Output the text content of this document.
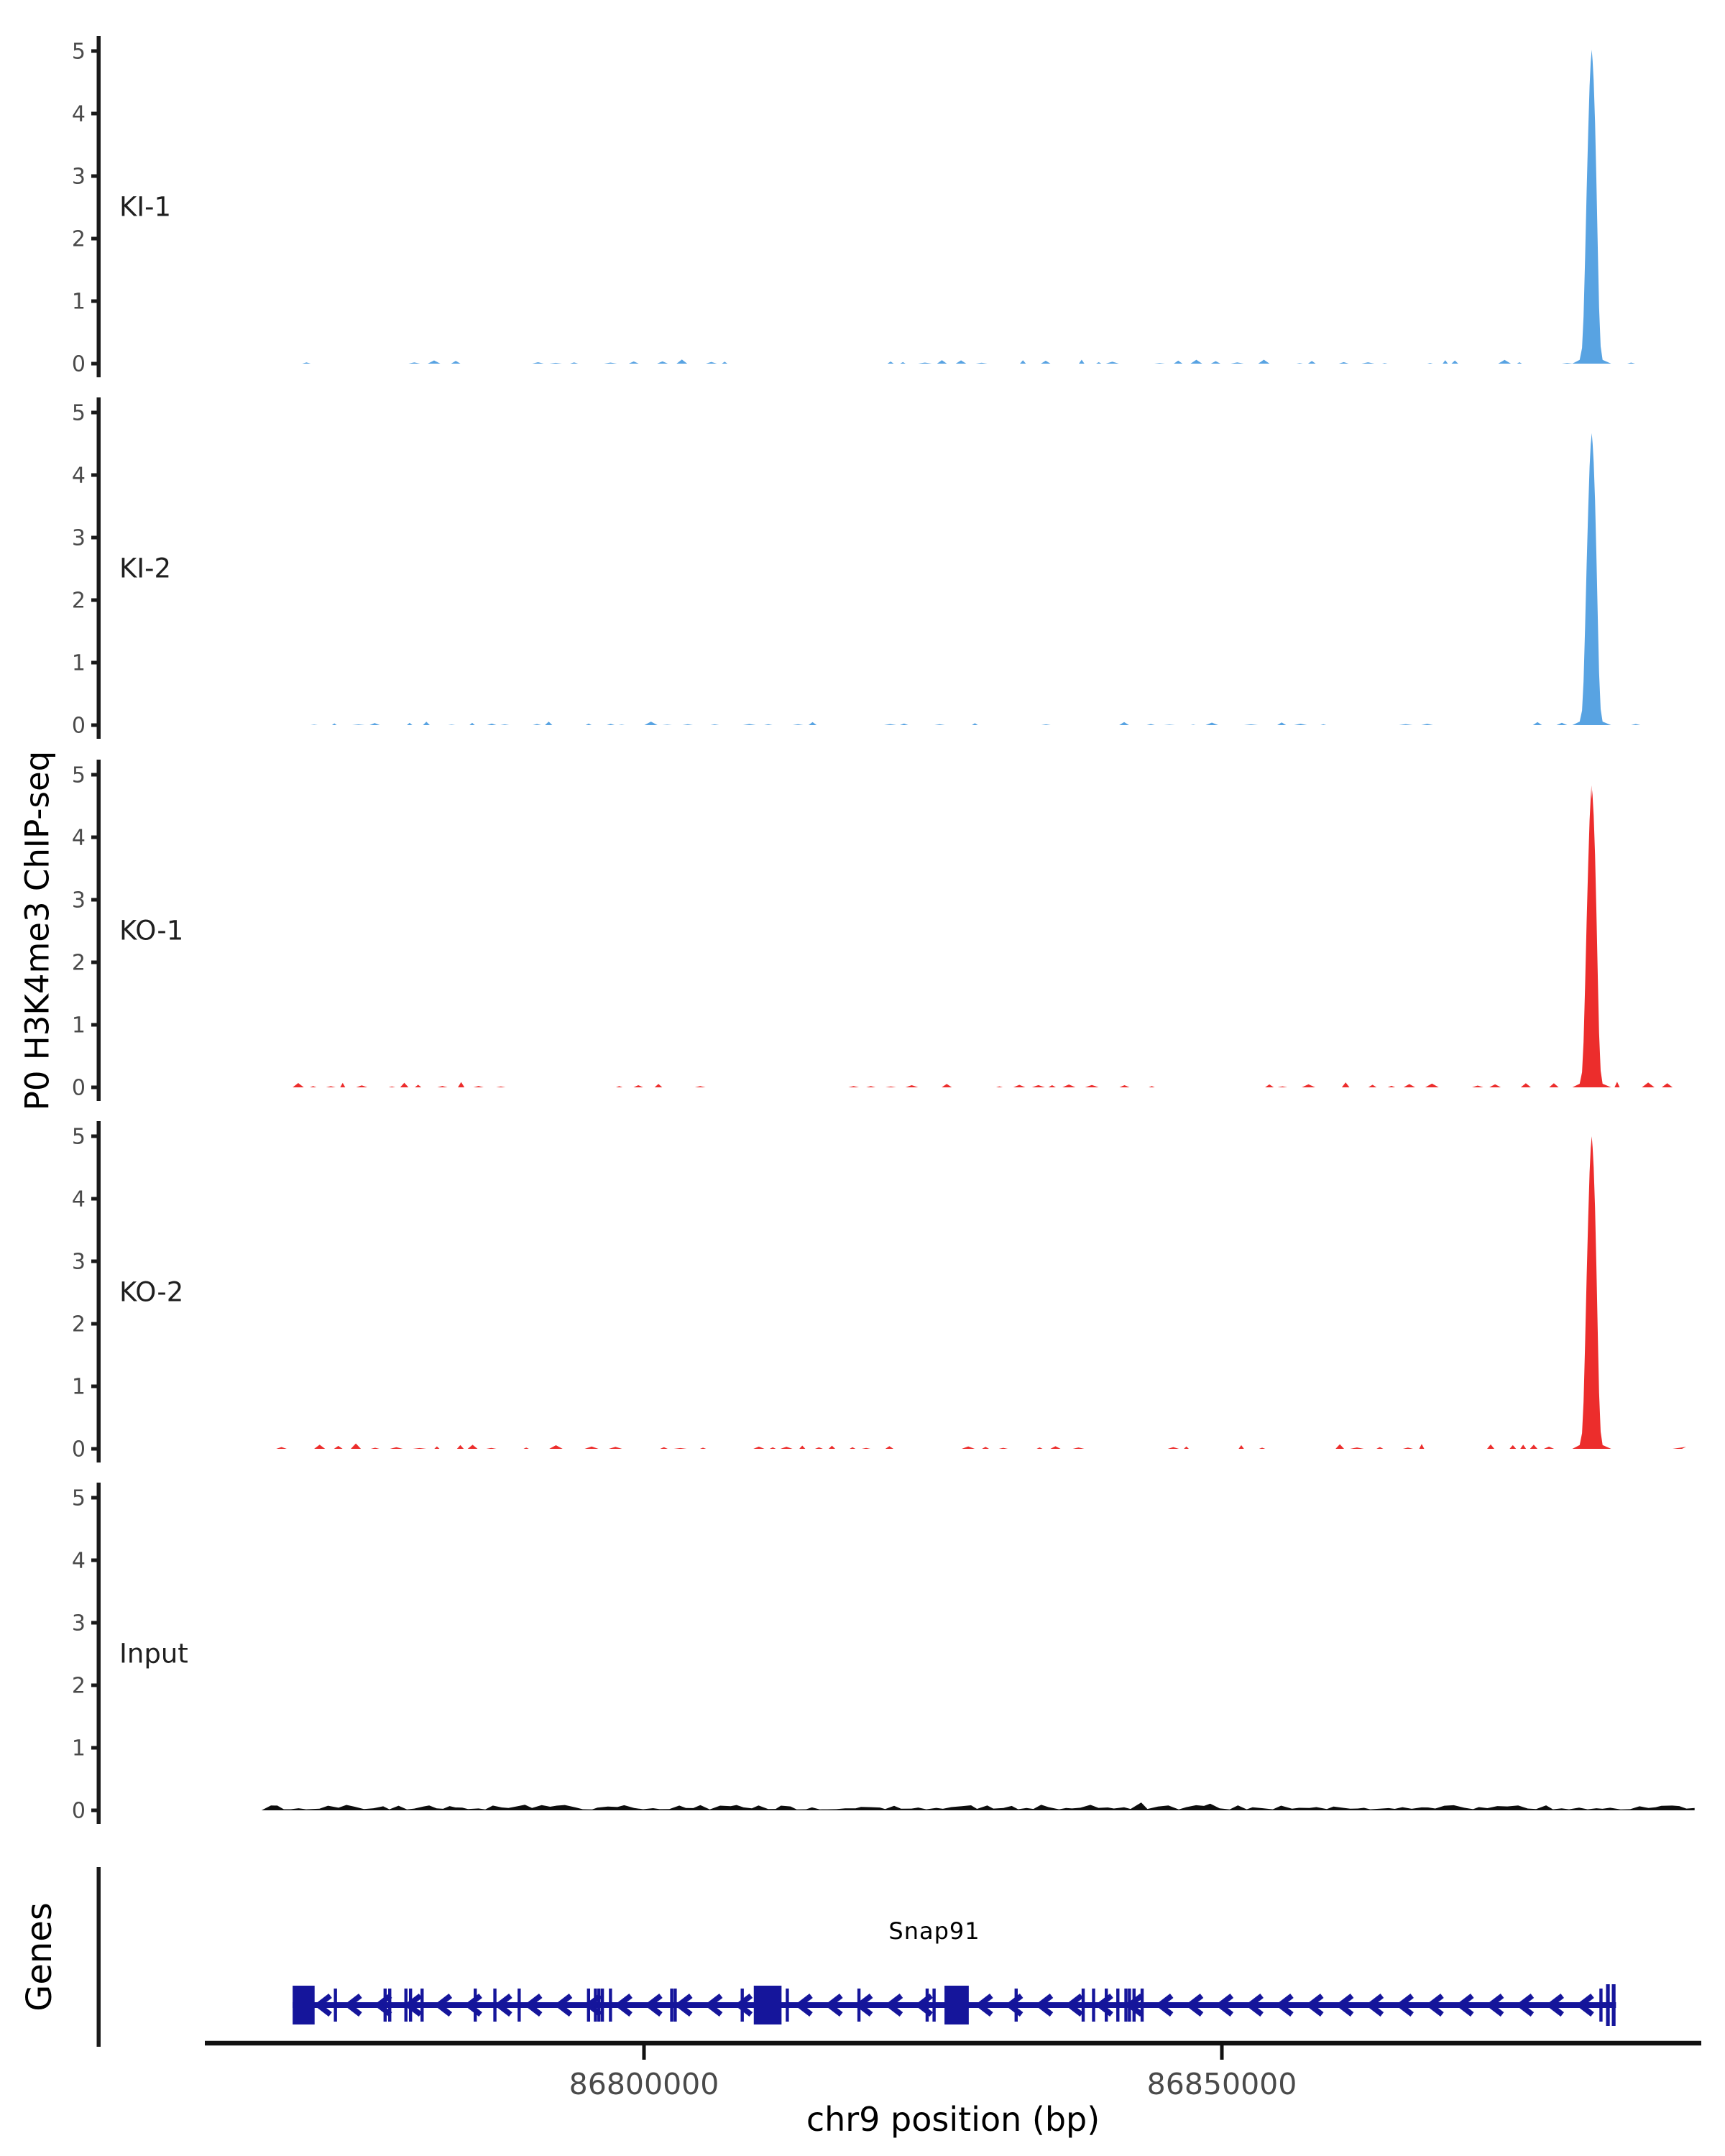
0
1
2
3
4
5
0
1
2
3
4
5
0
1
2
3
4
5
0
1
2
3
4
5
0
1
2
3
4
5
P0 H3K4me3 ChIP-seq
KI-1
KI-2
KO-1
KO-2
Input
Genes	Snap91
86800000	86850000
chr9 position (bp)
